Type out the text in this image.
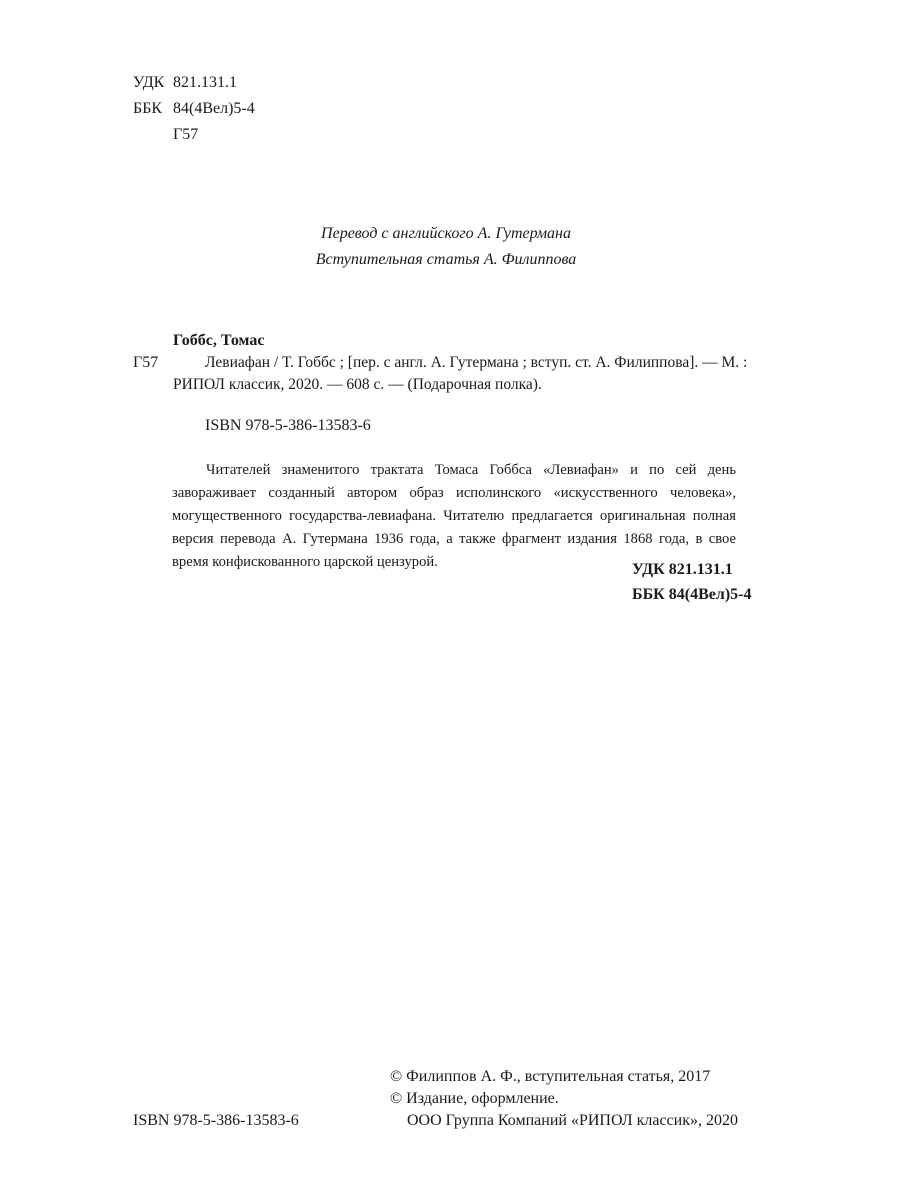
УДК 821.131.1
ББК 84(4Вел)5-4
Г57
Перевод с английского А. Гутермана
Вступительная статья А. Филиппова
Гоббс, Томас
Г57	Левиафан / Т. Гоббс ; [пер. с англ. А. Гутермана ; вступ. ст. А. Филиппова]. — М. :
РИПОЛ классик, 2020. — 608 с. — (Подарочная полка).
ISBN 978-5-386-13583-6

Читателей знаменитого трактата Томаса Гоббса «Левиафан» и по сей день завораживает созданный автором образ исполинского «искусственного человека», могущественного государства-левиафана. Читателю предлагается оригинальная полная версия перевода А. Гутермана 1936 года, а также фрагмент издания 1868 года, в свое время конфискованного царской цензурой.	УДК 821.131.1
ББК 84(4Вел)5-4
ISBN 978-5-386-13583-6
© Филиппов А. Ф., вступительная статья, 2017
© Издание, оформление.
ООО Группа Компаний «РИПОЛ классик», 2020
